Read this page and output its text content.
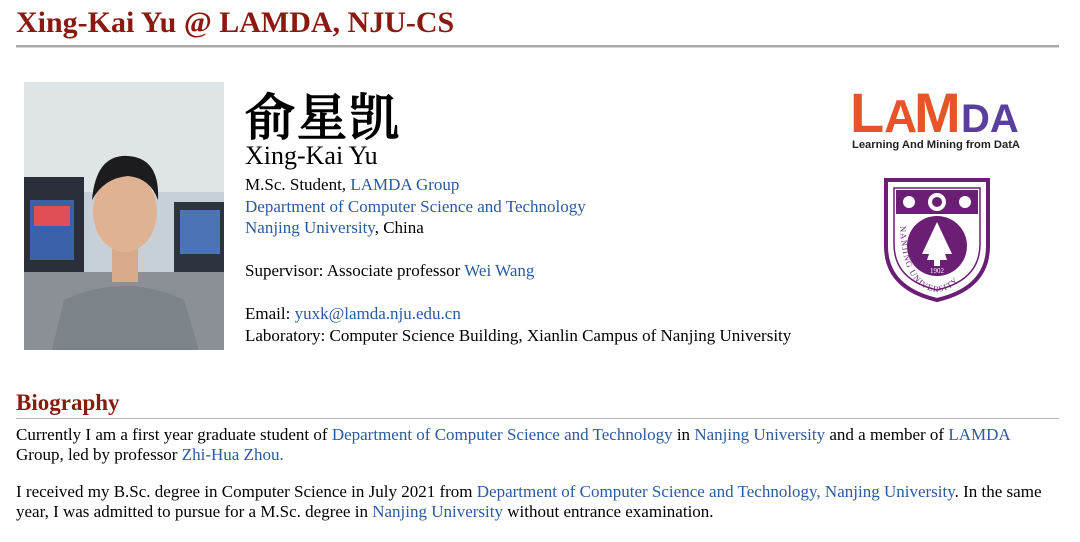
Xing-Kai Yu @ LAMDA, NJU-CS
俞星凯
Xing-Kai Yu
M.Sc. Student, LAMDA Group
Department of Computer Science and Technology
Nanjing University, China
Supervisor: Associate professor Wei Wang
Email: yuxk@lamda.nju.edu.cn
Laboratory: Computer Science Building, Xianlin Campus of Nanjing University
L A
M DA
Learning And Mining from DatA
1902
NANJING UNIVERSITY
Biography

Currently I am a first year graduate student of Department of Computer Science and Technology in Nanjing University and a member of LAMDA Group, led by professor Zhi-Hua Zhou.

I received my B.Sc. degree in Computer Science in July 2021 from Department of Computer Science and Technology, Nanjing University. In the same year, I was admitted to pursue for a M.Sc. degree in Nanjing University without entrance examination.
